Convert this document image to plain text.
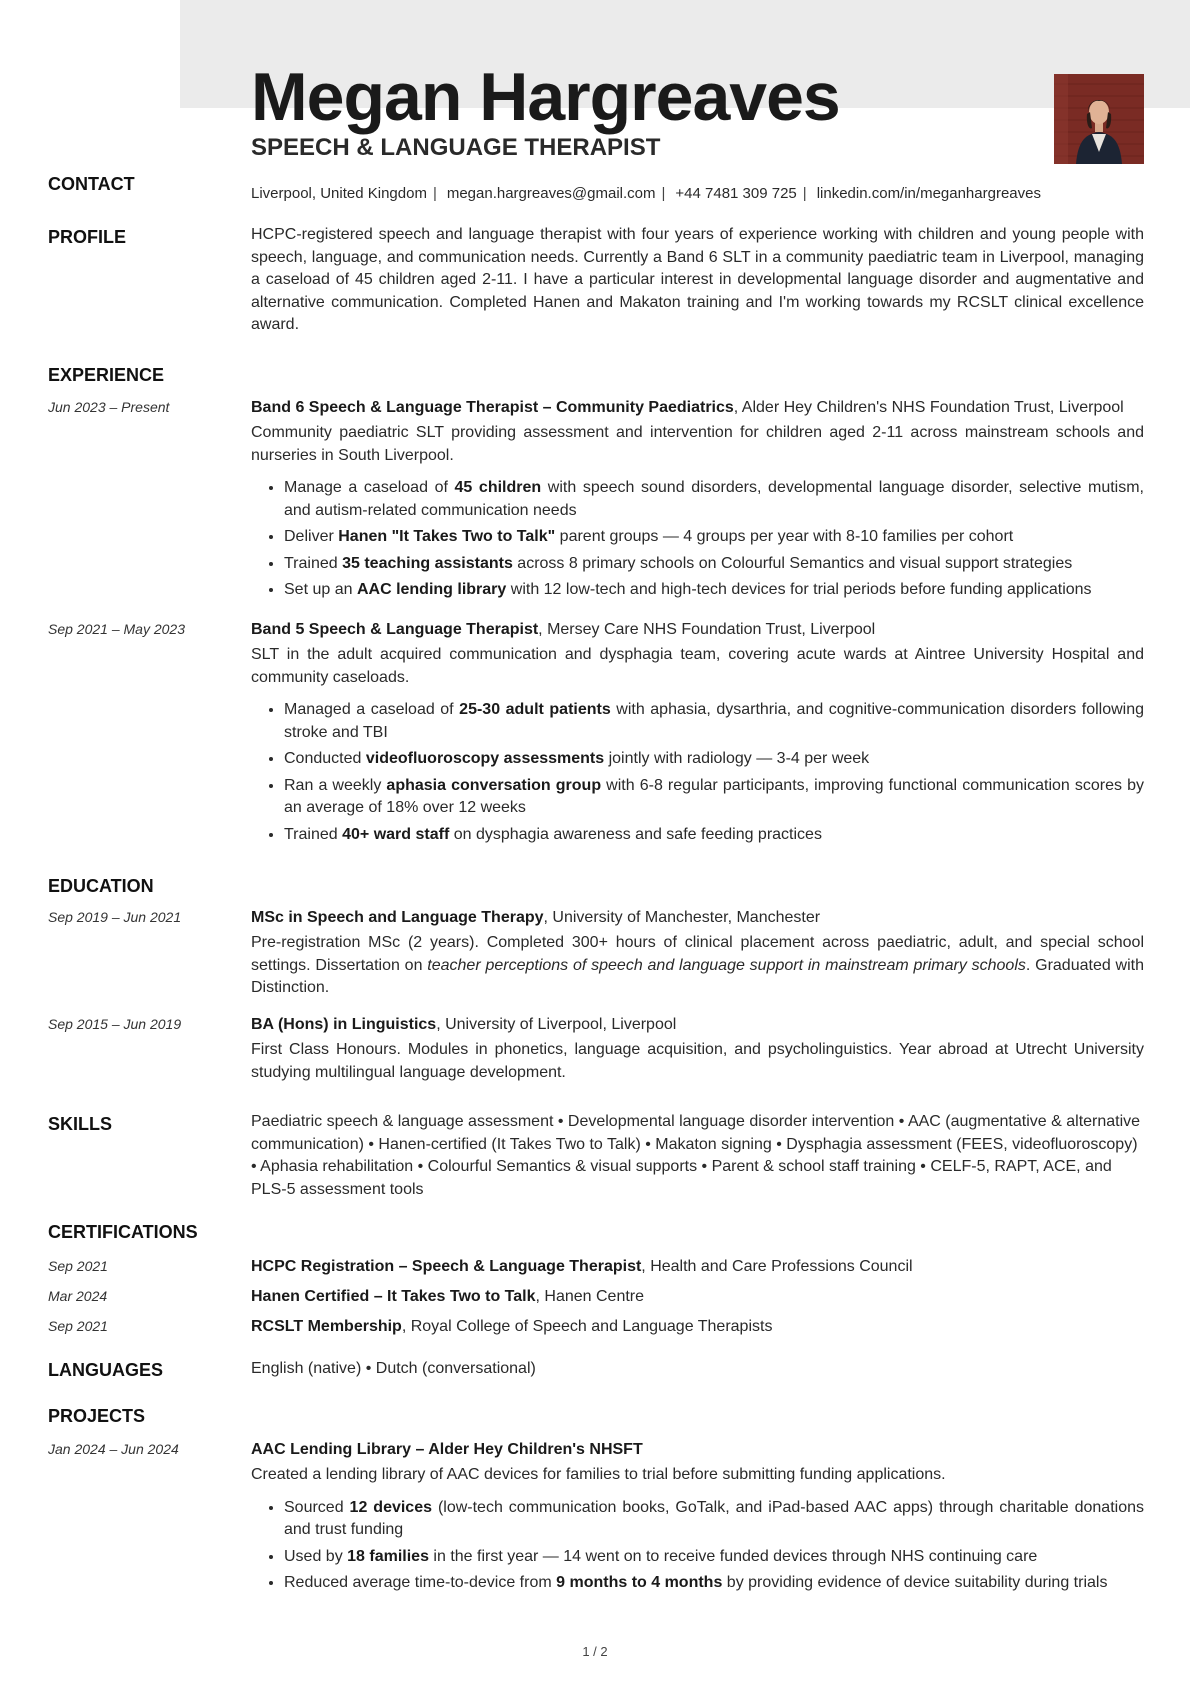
Megan Hargreaves
SPEECH & LANGUAGE THERAPIST
CONTACT	Liverpool, United Kingdom | megan.hargreaves@gmail.com | +44 7481 309 725 | linkedin.com/in/meganhargreaves
PROFILE	HCPC-registered speech and language therapist with four years of experience working with children and young people with speech, language, and communication needs. Currently a Band 6 SLT in a community paediatric team in Liverpool, managing a caseload of 45 children aged 2-11. I have a particular interest in developmental language disorder and augmentative and alternative communication. Completed Hanen and Makaton training and I'm working towards my RCSLT clinical excellence award.

EXPERIENCE
Jun 2023 – Present	Band 6 Speech & Language Therapist – Community Paediatrics, Alder Hey Children's NHS Foundation Trust, Liverpool

Community paediatric SLT providing assessment and intervention for children aged 2-11 across mainstream schools and nurseries in South Liverpool.

• Manage a caseload of 45 children with speech sound disorders, developmental language disorder, selective mutism, and autism-related communication needs
• Deliver Hanen "It Takes Two to Talk" parent groups — 4 groups per year with 8-10 families per cohort
• Trained 35 teaching assistants across 8 primary schools on Colourful Semantics and visual support strategies
• Set up an AAC lending library with 12 low-tech and high-tech devices for trial periods before funding applications
Sep 2021 – May 2023	Band 5 Speech & Language Therapist, Mersey Care NHS Foundation Trust, Liverpool

SLT in the adult acquired communication and dysphagia team, covering acute wards at Aintree University Hospital and community caseloads.

• Managed a caseload of 25-30 adult patients with aphasia, dysarthria, and cognitive-communication disorders following stroke and TBI
• Conducted videofluoroscopy assessments jointly with radiology — 3-4 per week
• Ran a weekly aphasia conversation group with 6-8 regular participants, improving functional communication scores by an average of 18% over 12 weeks
• Trained 40+ ward staff on dysphagia awareness and safe feeding practices
EDUCATION
Sep 2019 – Jun 2021	MSc in Speech and Language Therapy, University of Manchester, Manchester

Pre-registration MSc (2 years). Completed 300+ hours of clinical placement across paediatric, adult, and special school settings. Dissertation on teacher perceptions of speech and language support in mainstream primary schools. Graduated with Distinction.

Sep 2015 – Jun 2019	BA (Hons) in Linguistics, University of Liverpool, Liverpool

First Class Honours. Modules in phonetics, language acquisition, and psycholinguistics. Year abroad at Utrecht University studying multilingual language development.

SKILLS	Paediatric speech & language assessment • Developmental language disorder intervention • AAC (augmentative & alternative communication) • Hanen-certified (It Takes Two to Talk) • Makaton signing • Dysphagia assessment (FEES, videofluoroscopy) • Aphasia rehabilitation • Colourful Semantics & visual supports • Parent & school staff training • CELF-5, RAPT, ACE, and PLS-5 assessment tools

CERTIFICATIONS
Sep 2021	HCPC Registration – Speech & Language Therapist, Health and Care Professions Council
Mar 2024	Hanen Certified – It Takes Two to Talk, Hanen Centre
Sep 2021	RCSLT Membership, Royal College of Speech and Language Therapists
LANGUAGES	English (native) • Dutch (conversational)
PROJECTS
Jan 2024 – Jun 2024	AAC Lending Library – Alder Hey Children's NHSFT

Created a lending library of AAC devices for families to trial before submitting funding applications.

• Sourced 12 devices (low-tech communication books, GoTalk, and iPad-based AAC apps) through charitable donations and trust funding
• Used by 18 families in the first year — 14 went on to receive funded devices through NHS continuing care
• Reduced average time-to-device from 9 months to 4 months by providing evidence of device suitability during trials
1 / 2
